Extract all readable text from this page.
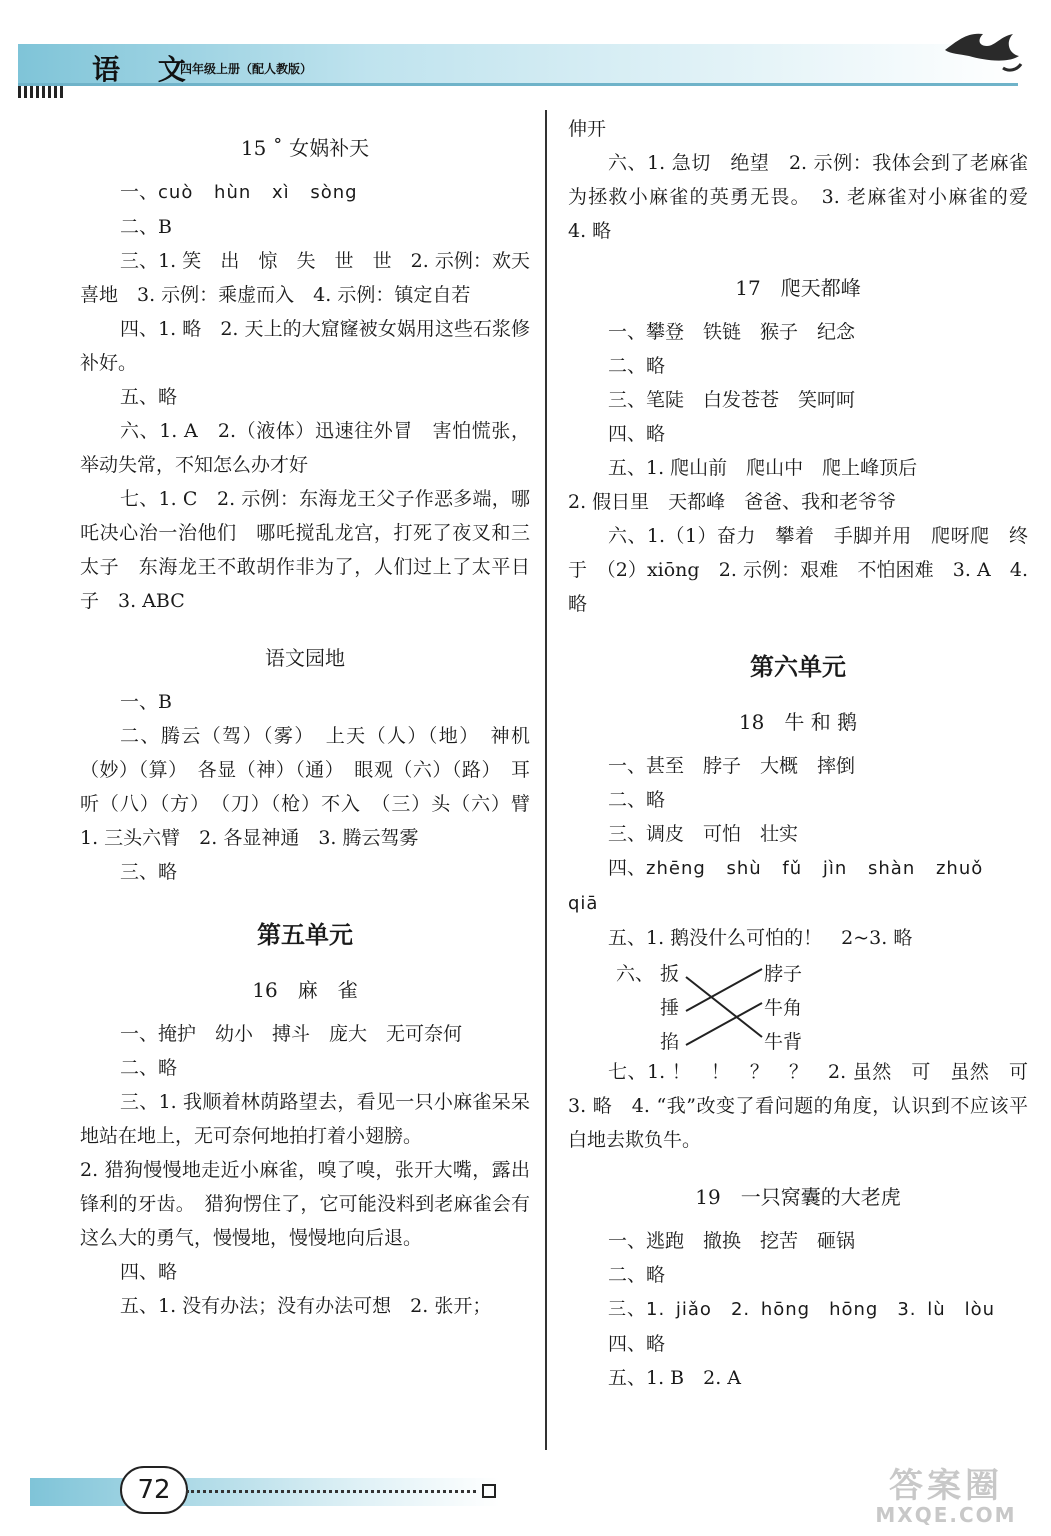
语 文
四年级上册（配人教版）
15 ˚ 女娲补天
一、cuò hùn xì sòng
二、B
三、1. 笑　出　惊　失　世　世　2. 示例：欢天喜地　3. 示例：乘虚而入　4. 示例：镇定自若
四、1. 略　2. 天上的大窟窿被女娲用这些石浆修补好。
五、略
六、1. A　2.（液体）迅速往外冒　害怕慌张，举动失常，不知怎么办才好
七、1. C　2. 示例：东海龙王父子作恶多端，哪吒决心治一治他们　哪吒搅乱龙宫，打死了夜叉和三太子　东海龙王不敢胡作非为了，人们过上了太平日子　3. ABC
语文园地
一、B
二、腾云（驾）（雾）　上天（人）（地）　神机（妙）（算）　各显（神）（通）　眼观（六）（路）　耳听（八）（方）　（刀）（枪）不入　（三）头（六）臂　1. 三头六臂　2. 各显神通　3. 腾云驾雾
三、略
第五单元
16　麻　雀
一、掩护　幼小　搏斗　庞大　无可奈何
二、略
三、1. 我顺着林荫路望去，看见一只小麻雀呆呆地站在地上，无可奈何地拍打着小翅膀。
2. 猎狗慢慢地走近小麻雀，嗅了嗅，张开大嘴，露出锋利的牙齿。　猎狗愣住了，它可能没料到老麻雀会有这么大的勇气，慢慢地，慢慢地向后退。
四、略
五、1. 没有办法；没有办法可想　2. 张开；
伸开
六、1. 急切　绝望　2. 示例：我体会到了老麻雀为拯救小麻雀的英勇无畏。　3. 老麻雀对小麻雀的爱　4. 略
17　爬天都峰
一、攀登　铁链　猴子　纪念
二、略
三、笔陡　白发苍苍　笑呵呵
四、略
五、1. 爬山前　爬山中　爬上峰顶后
2. 假日里　天都峰　爸爸、我和老爷爷
六、1.（1）奋力　攀着　手脚并用　爬呀爬　终于　（2）xiōng　2. 示例：艰难　不怕困难　3. A　4. 略
第六单元
18　牛 和 鹅
一、甚至　脖子　大概　摔倒
二、略
三、调皮　可怕　壮实
四、zhēng shù fǔ jìn shàn zhuǒ
qiā
五、1. 鹅没什么可怕的！　2~3. 略
六、 扳
捶
掐
脖子
牛角
牛背
七、1. ！　！　？　？　2. 虽然　可　虽然　可　3. 略　4. “我”改变了看问题的角度，认识到不应该平白地去欺负牛。
19　一只窝囊的大老虎
一、逃跑　撤换　挖苦　砸锅
二、略
三、1. jiǎo　2. hōng　hōng　3. lù　lòu
四、略
五、1. B　2. A
72	答案圈
MXQE.COM
